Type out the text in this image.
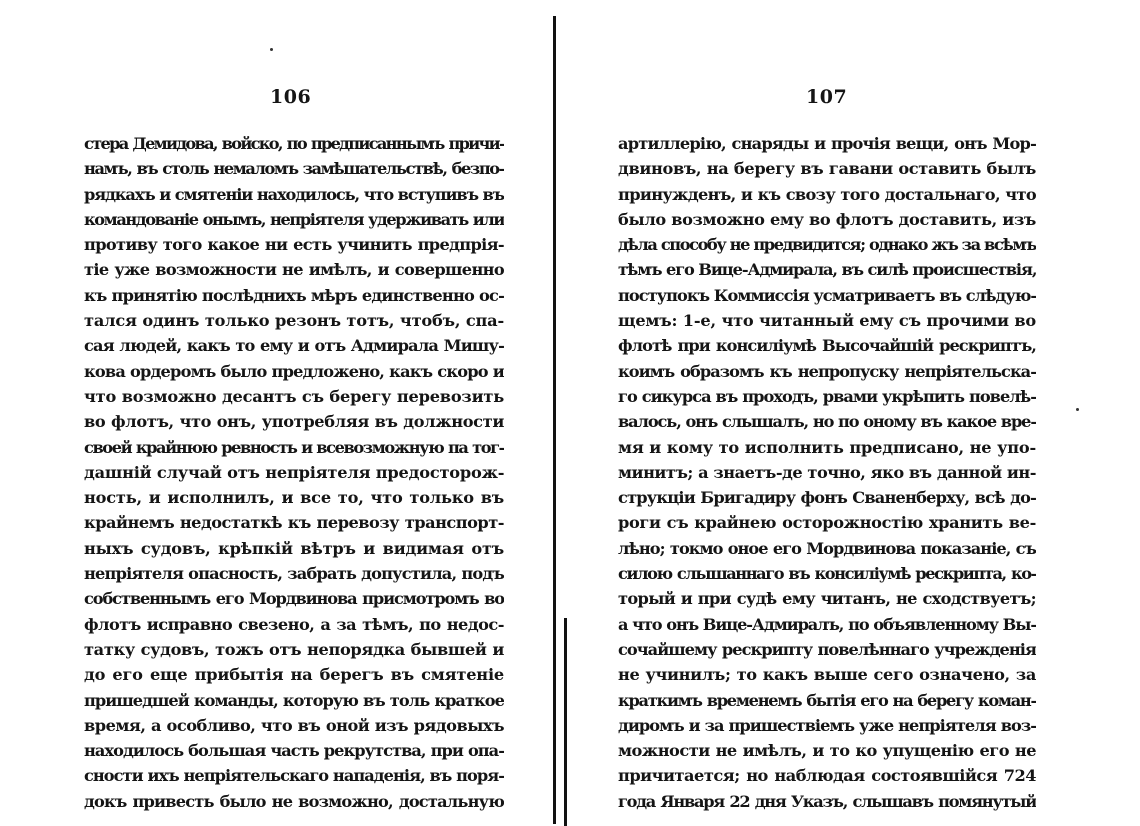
106	107
стера Демидова, войско, по предписаннымъ причи-
намъ, въ столь немаломъ замѣшательствѣ, безпо-
рядкахъ и смятеніи находилось, что вступивъ въ
командованіе онымъ, непріятеля удерживать или
противу того какое ни есть учинить предпрія-
тіе уже возможности не имѣлъ, и совершенно
къ принятію послѣднихъ мѣръ единственно ос-
тался одинъ только резонъ тотъ, чтобъ, спа-
сая людей, какъ то ему и отъ Адмирала Мишу-
кова ордеромъ было предложено, какъ скоро и
что возможно десантъ съ берегу перевозить
во флотъ, что онъ, употребляя въ должности
своей крайнюю ревность и всевозможную па тог-
дашній случай отъ непріятеля предосторож-
ность, и исполнилъ, и все то, что только въ
крайнемъ недостаткѣ къ перевозу транспорт-
ныхъ судовъ, крѣпкій вѣтръ и видимая отъ
непріятеля опасность, забрать допустила, подъ
собственнымъ его Мордвинова присмотромъ во
флотъ исправно свезено, а за тѣмъ, по недос-
татку судовъ, тожъ отъ непорядка бывшей и
до его еще прибытія на берегъ въ смятеніе
пришедшей команды, которую въ толь краткое
время, а особливо, что въ оной изъ рядовыхъ
находилось большая часть рекрутства, при опа-
сности ихъ непріятельскаго нападенія, въ поря-
докъ привесть было не возможно, достальную
артиллерію, снаряды и прочія вещи, онъ Мор-
двиновъ, на берегу въ гавани оставить былъ
принужденъ, и къ свозу того достальнаго, что
было возможно ему во флотъ доставить, изъ
дѣла способу не предвидится; однако жъ за всѣмъ
тѣмъ его Вице-Адмирала, въ силѣ происшествія,
поступокъ Коммиссія усматриваетъ въ слѣдую-
щемъ: 1-е, что читанный ему съ прочими во
флотѣ при консиліумѣ Высочайшій рескриптъ,
коимъ образомъ къ непропуску непріятельска-
го сикурса въ проходъ, рвами укрѣпить повелѣ-
валось, онъ слышалъ, но по оному въ какое вре-
мя и кому то исполнить предписано, не упо-
минитъ; а знаетъ-де точно, яко въ данной ин-
струкціи Бригадиру фонъ Сваненберху, всѣ до-
роги съ крайнею осторожностію хранить ве-
лѣно; токмо оное его Мордвинова показаніе, съ
силою слышаннаго въ консиліумѣ рескрипта, ко-
торый и при судѣ ему читанъ, не сходствуетъ;
а что онъ Вице-Адмиралъ, по объявленному Вы-
сочайшему рескрипту повелѣннаго учрежденія
не учинилъ; то какъ выше сего означено, за
краткимъ временемъ бытія его на берегу коман-
диромъ и за пришествіемъ уже непріятеля воз-
можности не имѣлъ, и то ко упущенію его не
причитается; но наблюдая состоявшійся 724
года Января 22 дня Указъ, слышавъ помянутый
